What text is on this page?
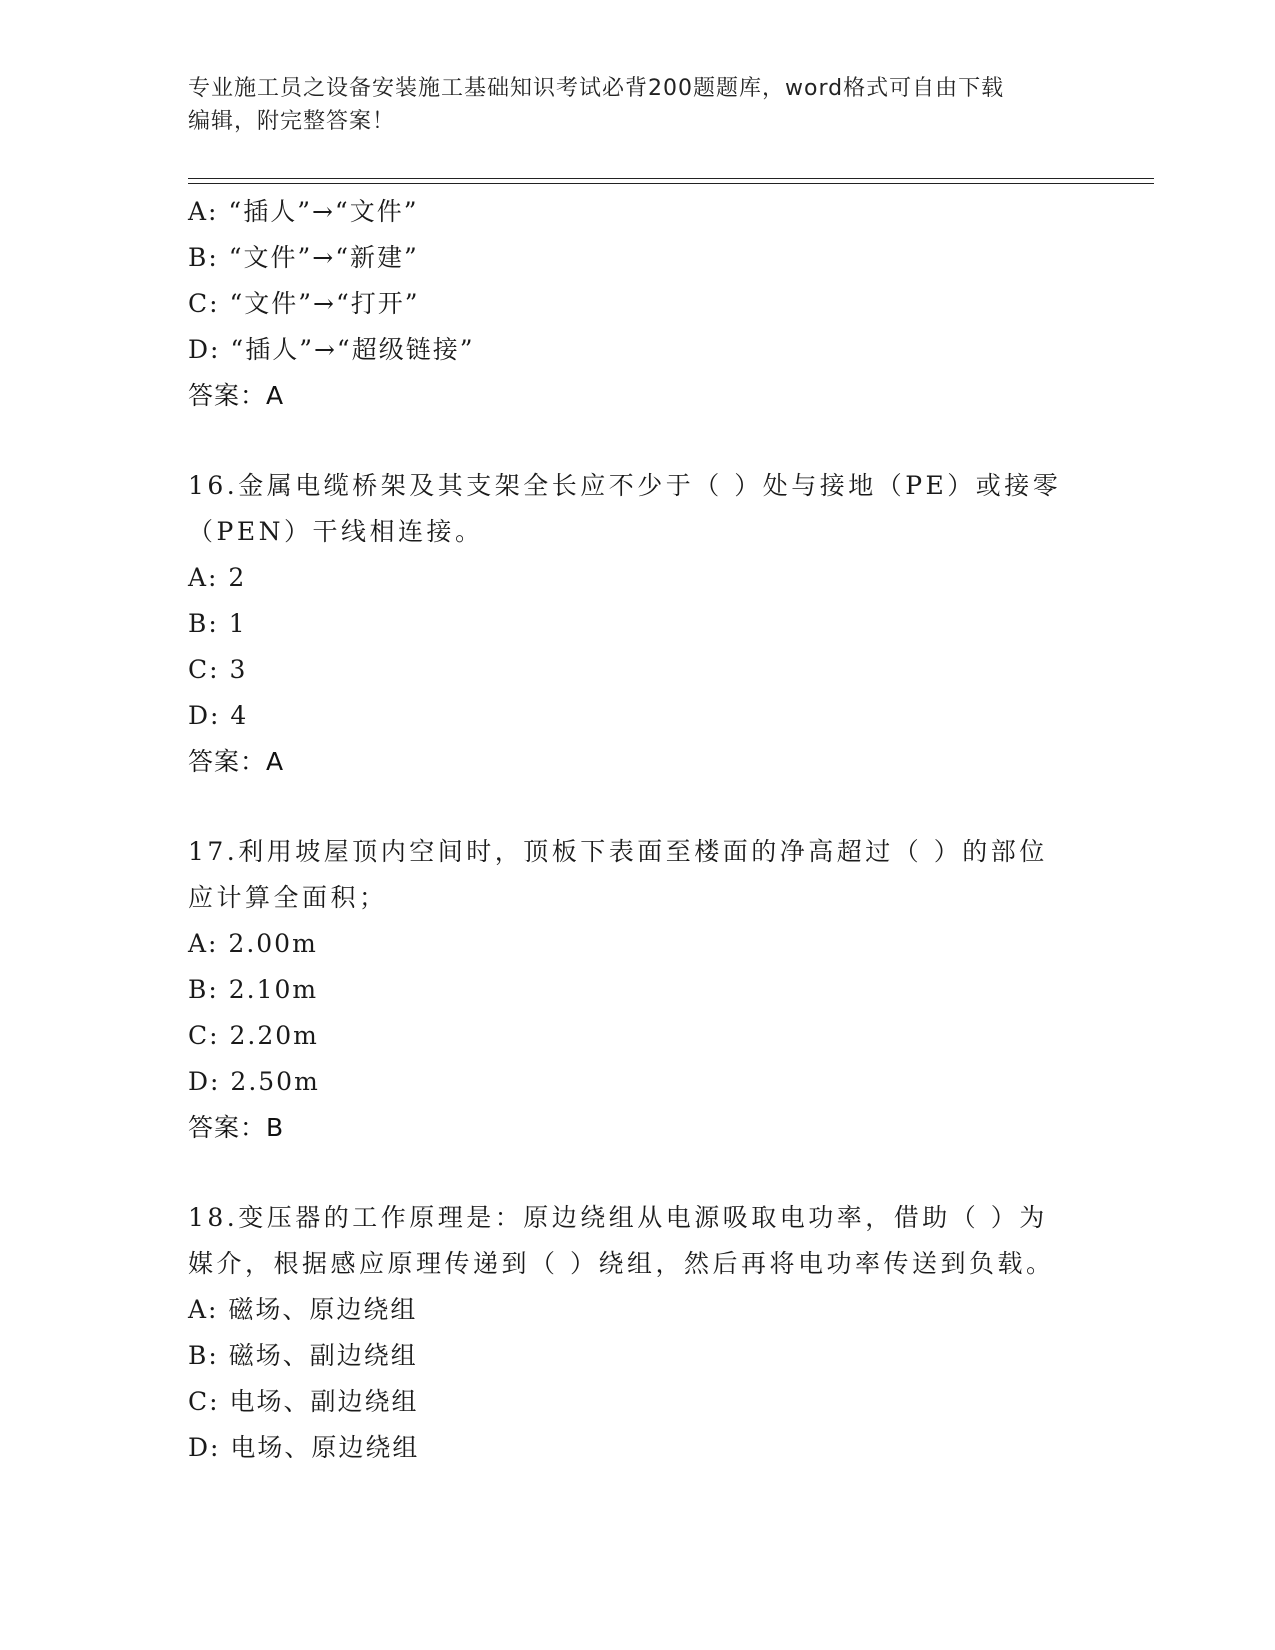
专业施工员之设备安装施工基础知识考试必背200题题库，word格式可自由下载
编辑，附完整答案！
A: “插人”→“文件”
B: “文件”→“新建”
C: “文件”→“打开”
D: “插人”→“超级链接”
答案：A
16.金属电缆桥架及其支架全长应不少于（ ）处与接地（PE）或接零
（PEN）干线相连接。
A: 2
B: 1
C: 3
D: 4
答案：A
17.利用坡屋顶内空间时，顶板下表面至楼面的净高超过（ ）的部位
应计算全面积；
A: 2.00m
B: 2.10m
C: 2.20m
D: 2.50m
答案：B
18.变压器的工作原理是：原边绕组从电源吸取电功率，借助（ ）为
媒介，根据感应原理传递到（ ）绕组，然后再将电功率传送到负载。
A: 磁场、原边绕组
B: 磁场、副边绕组
C: 电场、副边绕组
D: 电场、原边绕组
